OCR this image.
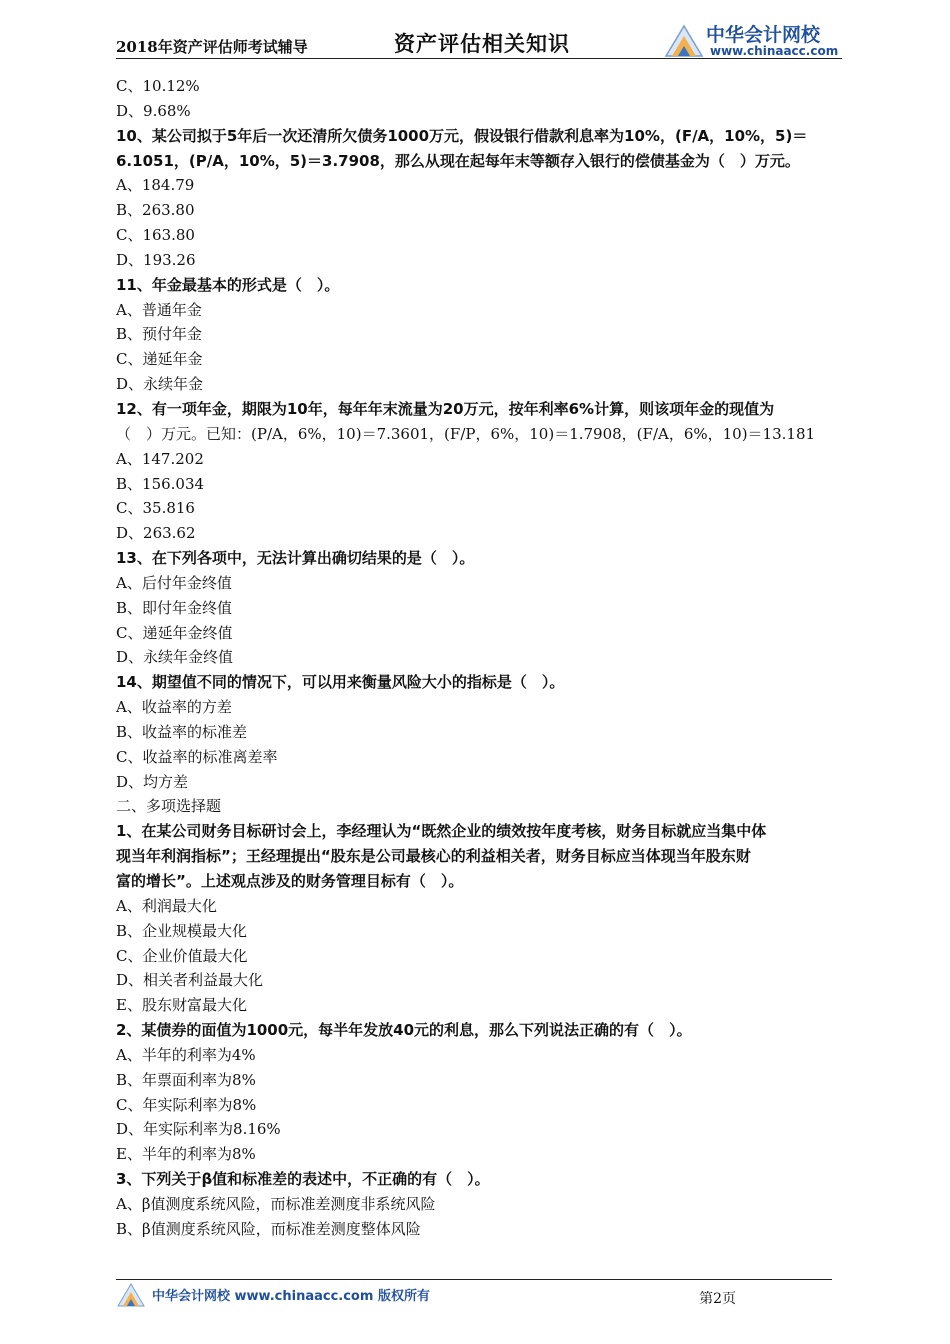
2018年资产评估师考试辅导	资产评估相关知识	中华会计网校
www.chinaacc.com
C、10.12%
D、9.68%
10、某公司拟于5年后一次还清所欠债务1000万元，假设银行借款利息率为10%，(F/A，10%，5)＝
6.1051，(P/A，10%，5)＝3.7908，那么从现在起每年末等额存入银行的偿债基金为（　）万元。
A、184.79
B、263.80
C、163.80
D、193.26
11、年金最基本的形式是（　）。
A、普通年金
B、预付年金
C、递延年金
D、永续年金
12、有一项年金，期限为10年，每年年末流量为20万元，按年利率6%计算，则该项年金的现值为
（　）万元。已知：(P/A，6%，10)＝7.3601，(F/P，6%，10)＝1.7908，(F/A，6%，10)＝13.181
A、147.202
B、156.034
C、35.816
D、263.62
13、在下列各项中，无法计算出确切结果的是（　）。
A、后付年金终值
B、即付年金终值
C、递延年金终值
D、永续年金终值
14、期望值不同的情况下，可以用来衡量风险大小的指标是（　）。
A、收益率的方差
B、收益率的标准差
C、收益率的标准离差率
D、均方差
二、多项选择题
1、在某公司财务目标研讨会上，李经理认为“既然企业的绩效按年度考核，财务目标就应当集中体
现当年利润指标”；王经理提出“股东是公司最核心的利益相关者，财务目标应当体现当年股东财
富的增长”。上述观点涉及的财务管理目标有（　）。
A、利润最大化
B、企业规模最大化
C、企业价值最大化
D、相关者利益最大化
E、股东财富最大化
2、某债券的面值为1000元，每半年发放40元的利息，那么下列说法正确的有（　）。
A、半年的利率为4%
B、年票面利率为8%
C、年实际利率为8%
D、年实际利率为8.16%
E、半年的利率为8%
3、下列关于β值和标准差的表述中，不正确的有（　）。
A、β值测度系统风险，而标准差测度非系统风险
B、β值测度系统风险，而标准差测度整体风险
中华会计网校 www.chinaacc.com 版权所有	第2页
